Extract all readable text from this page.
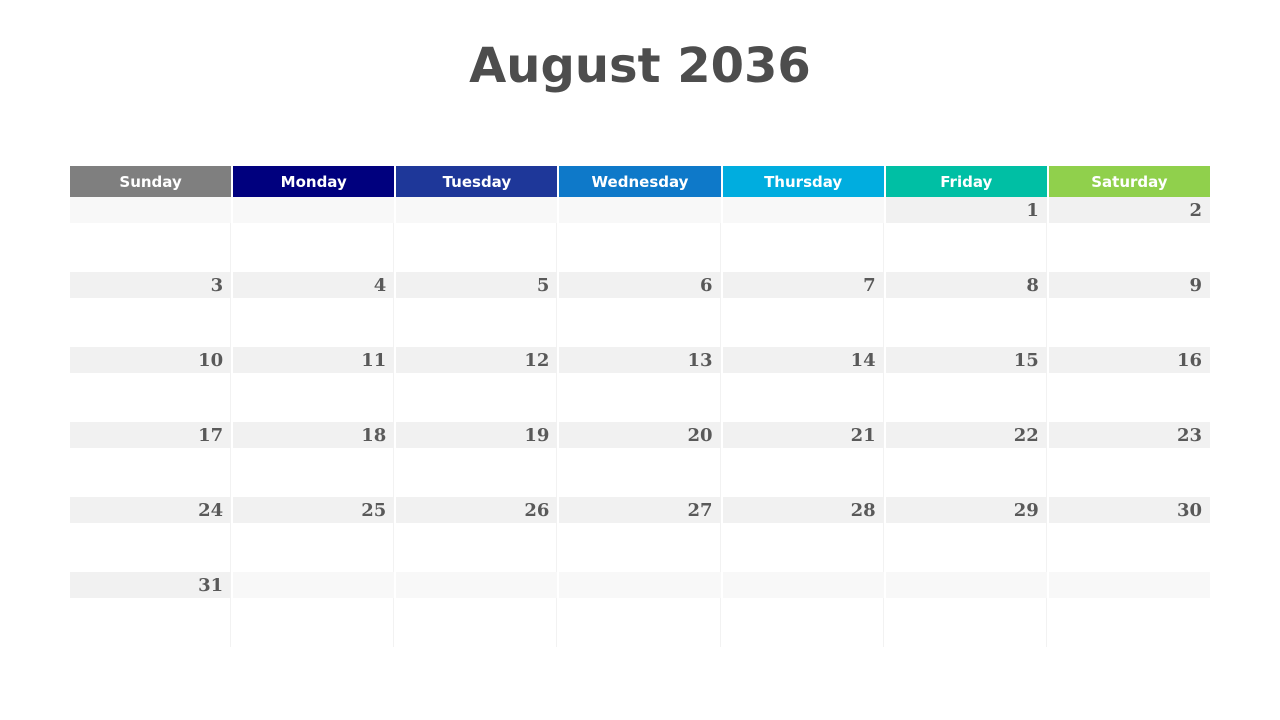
August 2036
Sunday	Monday	Tuesday	Wednesday	Thursday	Friday	Saturday
					1	2

3	4	5	6	7	8	9

10	11	12	13	14	15	16

17	18	19	20	21	22	23

24	25	26	27	28	29	30

31						
